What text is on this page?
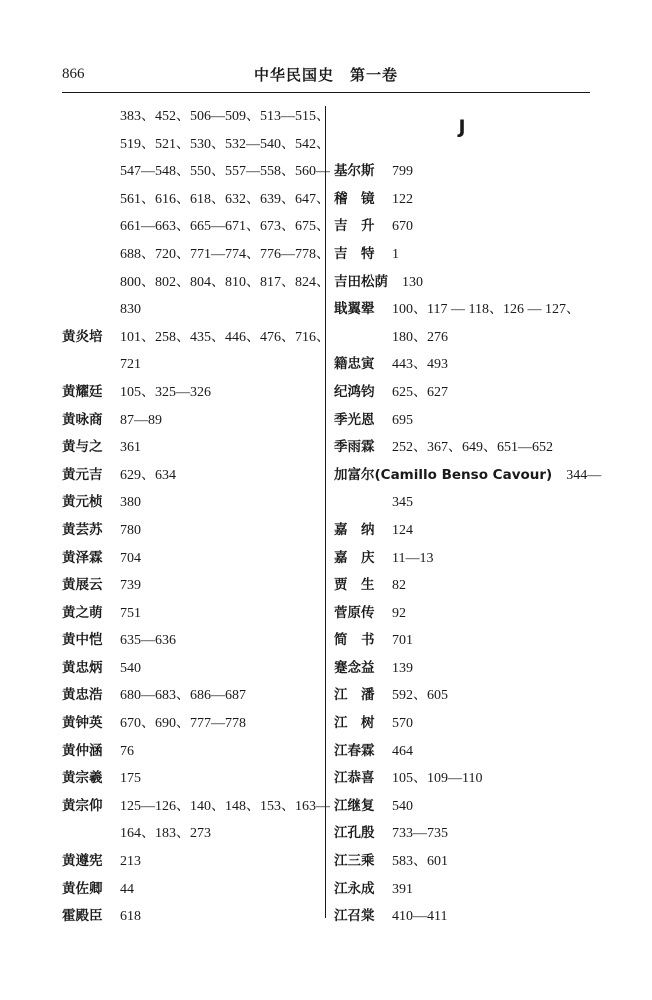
866	中华民国史　第一卷
383、452、506—509、513—515、
519、521、530、532—540、542、
547—548、550、557—558、560—
561、616、618、632、639、647、
661—663、665—671、673、675、
688、720、771—774、776—778、
800、802、804、810、817、824、
830
黄炎培 101、258、435、446、476、716、
721
黄耀廷 105、325—326
黄咏商 87—89
黄与之 361
黄元吉 629、634
黄元桢 380
黄芸苏 780
黄泽霖 704
黄展云 739
黄之萌 751
黄中恺 635—636
黄忠炳 540
黄忠浩 680—683、686—687
黄钟英 670、690、777—778
黄仲涵 76
黄宗羲 175
黄宗仰 125—126、140、148、153、163—
164、183、273
黄遵宪 213
黄佐卿 44
霍殿臣 618
J
基尔斯 799
稽　镜 122
吉　升 670
吉　特 1
吉田松荫 130
戢翼翚 100、117 — 118、126 — 127、
180、276
籍忠寅 443、493
纪鸿钧 625、627
季光恩 695
季雨霖 252、367、649、651—652
加富尔(Camillo Benso Cavour) 344—
345
嘉　纳 124
嘉　庆 11—13
贾　生 82
菅原传 92
简　书 701
蹇念益 139
江　潘 592、605
江　树 570
江春霖 464
江恭喜 105、109—110
江继复 540
江孔殷 733—735
江三乘 583、601
江永成 391
江召棠 410—411
